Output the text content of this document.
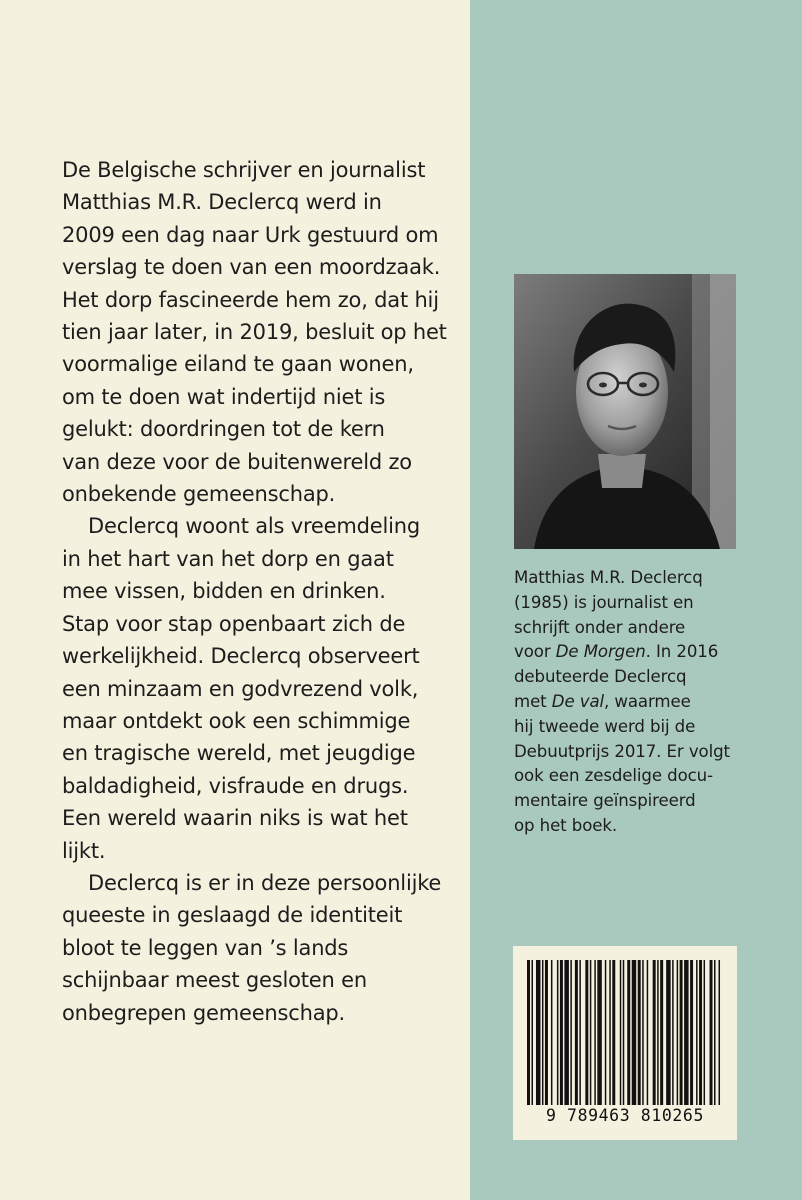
De Belgische schrijver en journalist
Matthias M.R. Declercq werd in
2009 een dag naar Urk gestuurd om
verslag te doen van een moordzaak.
Het dorp fascineerde hem zo, dat hij
tien jaar later, in 2019, besluit op het
voormalige eiland te gaan wonen,
om te doen wat indertijd niet is
gelukt: doordringen tot de kern
van deze voor de buitenwereld zo
onbekende gemeenschap.

Declercq woont als vreemdeling
in het hart van het dorp en gaat
mee vissen, bidden en drinken.
Stap voor stap openbaart zich de
werkelijkheid. Declercq observeert
een minzaam en godvrezend volk,
maar ontdekt ook een schimmige
en tragische wereld, met jeugdige
baldadigheid, visfraude en drugs.
Een wereld waarin niks is wat het
lijkt.

Declercq is er in deze persoonlijke
queeste in geslaagd de identiteit
bloot te leggen van ’s lands
schijnbaar meest gesloten en
onbegrepen gemeenschap.

Matthias M.R. Declercq
(1985) is journalist en
schrijft onder andere
voor De Morgen. In 2016
debuteerde Declercq
met De val, waarmee
hij tweede werd bij de
Debuutprijs 2017. Er volgt
ook een zesdelige docu-
mentaire geïnspireerd
op het boek.
9 789463 810265
